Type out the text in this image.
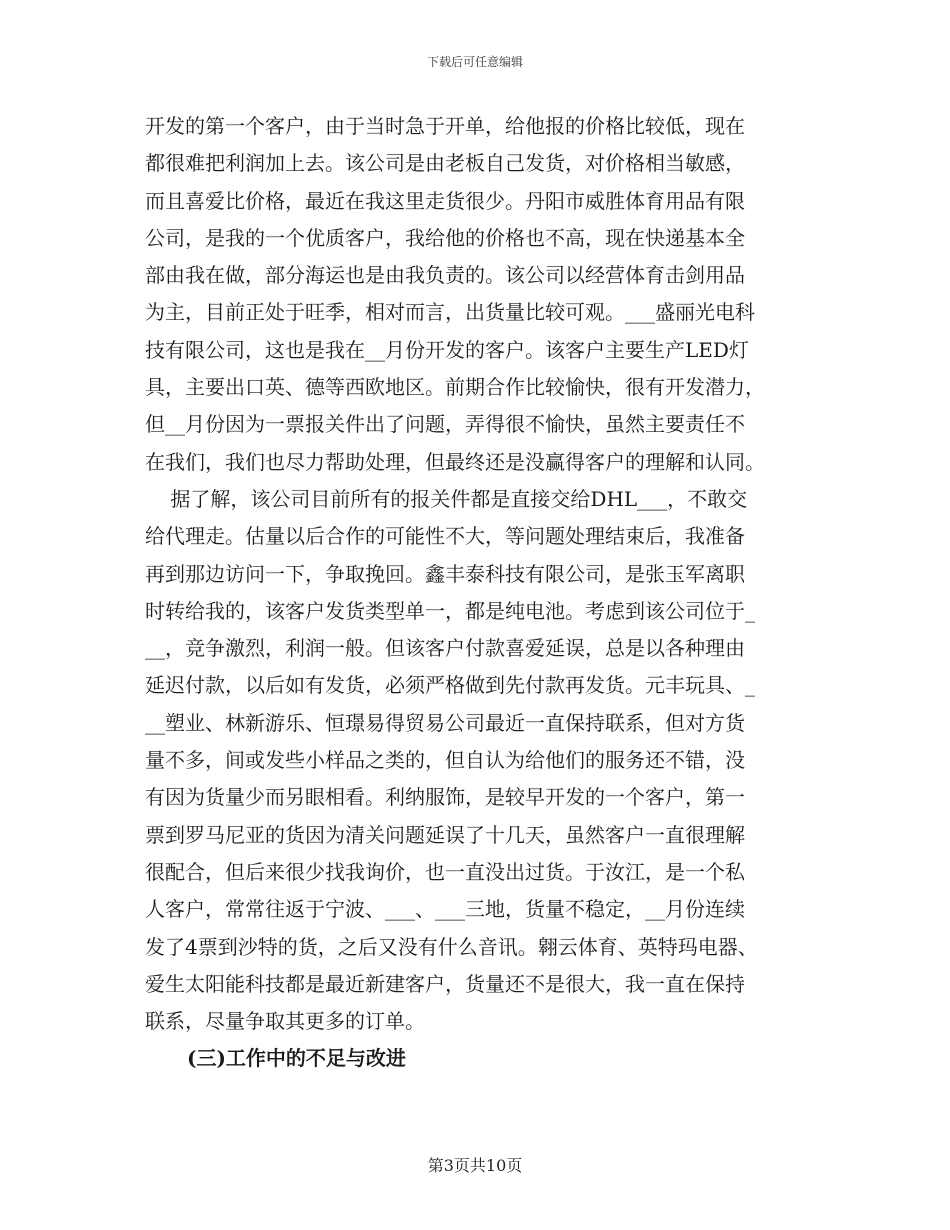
下载后可任意编辑
开发的第一个客户，由于当时急于开单，给他报的价格比较低，现在
都很难把利润加上去。该公司是由老板自己发货，对价格相当敏感，
而且喜爱比价格，最近在我这里走货很少。丹阳市威胜体育用品有限
公司，是我的一个优质客户，我给他的价格也不高，现在快递基本全
部由我在做，部分海运也是由我负责的。该公司以经营体育击剑用品
为主，目前正处于旺季，相对而言，出货量比较可观。___盛丽光电科
技有限公司，这也是我在__月份开发的客户。该客户主要生产LED灯
具，主要出口英、德等西欧地区。前期合作比较愉快，很有开发潜力，
但__月份因为一票报关件出了问题，弄得很不愉快，虽然主要责任不
在我们，我们也尽力帮助处理，但最终还是没赢得客户的理解和认同。
据了解，该公司目前所有的报关件都是直接交给DHL___，不敢交
给代理走。估量以后合作的可能性不大，等问题处理结束后，我准备
再到那边访问一下，争取挽回。鑫丰泰科技有限公司，是张玉军离职
时转给我的，该客户发货类型单一，都是纯电池。考虑到该公司位于_
__，竞争激烈，利润一般。但该客户付款喜爱延误，总是以各种理由
延迟付款，以后如有发货，必须严格做到先付款再发货。元丰玩具、_
__塑业、林新游乐、恒璟易得贸易公司最近一直保持联系，但对方货
量不多，间或发些小样品之类的，但自认为给他们的服务还不错，没
有因为货量少而另眼相看。利纳服饰，是较早开发的一个客户，第一
票到罗马尼亚的货因为清关问题延误了十几天，虽然客户一直很理解
很配合，但后来很少找我询价，也一直没出过货。于汝江，是一个私
人客户，常常往返于宁波、___、___三地，货量不稳定，__月份连续
发了4票到沙特的货，之后又没有什么音讯。翱云体育、英特玛电器、
爱生太阳能科技都是最近新建客户，货量还不是很大，我一直在保持
联系，尽量争取其更多的订单。
(三)工作中的不足与改进
第3页共10页
